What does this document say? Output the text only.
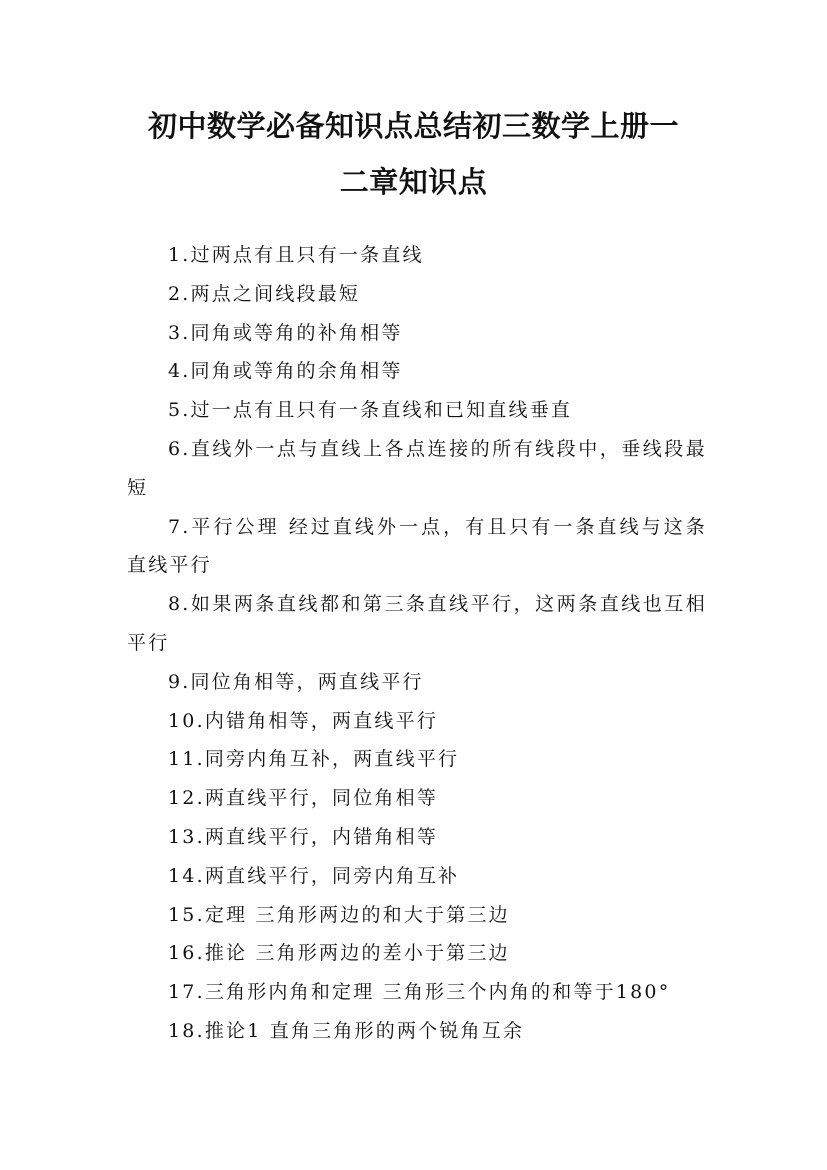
初中数学必备知识点总结初三数学上册一
二章知识点

1.过两点有且只有一条直线

2.两点之间线段最短

3.同角或等角的补角相等

4.同角或等角的余角相等

5.过一点有且只有一条直线和已知直线垂直

6.直线外一点与直线上各点连接的所有线段中，垂线段最短

7.平行公理 经过直线外一点，有且只有一条直线与这条直线平行

8.如果两条直线都和第三条直线平行，这两条直线也互相平行

9.同位角相等，两直线平行

10.内错角相等，两直线平行

11.同旁内角互补，两直线平行

12.两直线平行，同位角相等

13.两直线平行，内错角相等

14.两直线平行，同旁内角互补

15.定理 三角形两边的和大于第三边

16.推论 三角形两边的差小于第三边

17.三角形内角和定理 三角形三个内角的和等于180°

18.推论1 直角三角形的两个锐角互余
